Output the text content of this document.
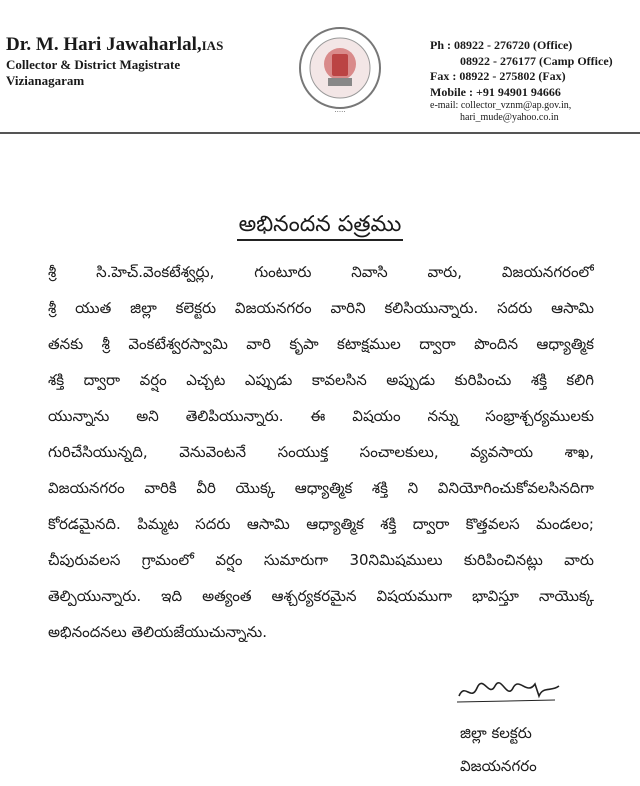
Dr. M. Hari Jawaharlal,IAS
Collector & District Magistrate
Vizianagaram
·····
Ph : 08922 - 276720 (Office)
08922 - 276177 (Camp Office)
Fax : 08922 - 275802 (Fax)
Mobile : +91 94901 94666
e-mail: collector_vznm@ap.gov.in,
hari_mude@yahoo.co.in
అభినందన పత్రము
శ్రీ సి.హెచ్.వెంకటేశ్వర్లు, గుంటూరు నివాసి వారు, విజయనగరంలో
శ్రీ యుత జిల్లా కలెక్టరు విజయనగరం వారిని కలిసియున్నారు. సదరు ఆసామి
తనకు శ్రీ వెంకటేశ్వరస్వామి వారి కృపా కటాక్షముల ద్వారా పొందిన ఆధ్యాత్మిక
శక్తి ద్వారా వర్షం ఎచ్చట ఎప్పుడు కావలసిన అప్పుడు కురిపించు శక్తి కలిగి
యున్నాను అని తెలిపియున్నారు. ఈ విషయం నన్ను సంభ్రాశ్చర్యములకు
గురిచేసియున్నది, వెనువెంటనే సంయుక్త సంచాలకులు, వ్యవసాయ శాఖ,
విజయనగరం వారికి వీరి యొక్క ఆధ్యాత్మిక శక్తి ని వినియోగించుకోవలసినదిగా
కోరడమైనది. పిమ్మట సదరు ఆసామి ఆధ్యాత్మిక శక్తి ద్వారా కొత్తవలస మండలం;
చీపురువలస గ్రామంలో వర్షం సుమారుగా 30నిమిషములు కురిపించినట్లు వారు
తెల్పియున్నారు. ఇది అత్యంత ఆశ్చర్యకరమైన విషయముగా భావిస్తూ నాయొక్క
అభినందనలు తెలియజేయుచున్నాను.
జిల్లా కలక్టరు
విజయనగరం
